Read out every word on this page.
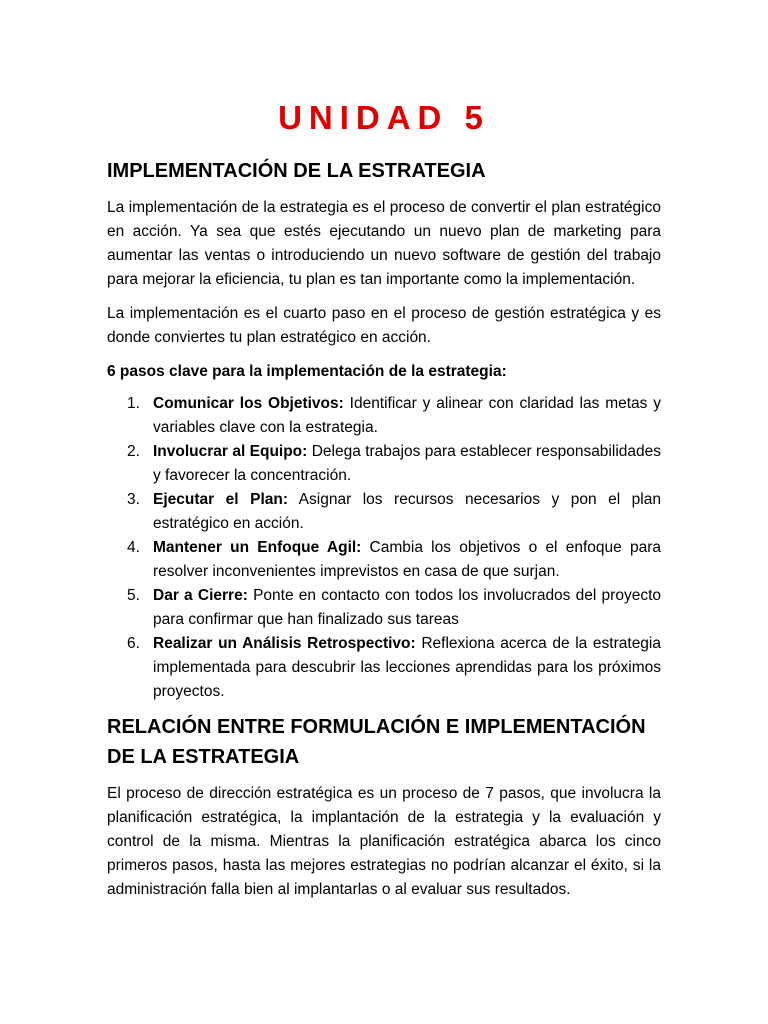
UNIDAD 5
IMPLEMENTACIÓN DE LA ESTRATEGIA

La implementación de la estrategia es el proceso de convertir el plan estratégico en acción. Ya sea que estés ejecutando un nuevo plan de marketing para aumentar las ventas o introduciendo un nuevo software de gestión del trabajo para mejorar la eficiencia, tu plan es tan importante como la implementación.

La implementación es el cuarto paso en el proceso de gestión estratégica y es donde conviertes tu plan estratégico en acción.

6 pasos clave para la implementación de la estrategia:

1. Comunicar los Objetivos: Identificar y alinear con claridad las metas y variables clave con la estrategia.
2. Involucrar al Equipo: Delega trabajos para establecer responsabilidades y favorecer la concentración.
3. Ejecutar el Plan: Asignar los recursos necesarios y pon el plan estratégico en acción.
4. Mantener un Enfoque Agil: Cambia los objetivos o el enfoque para resolver inconvenientes imprevistos en casa de que surjan.
5. Dar a Cierre: Ponte en contacto con todos los involucrados del proyecto para confirmar que han finalizado sus tareas
6. Realizar un Análisis Retrospectivo: Reflexiona acerca de la estrategia implementada para descubrir las lecciones aprendidas para los próximos proyectos.
RELACIÓN ENTRE FORMULACIÓN E IMPLEMENTACIÓN DE LA ESTRATEGIA

El proceso de dirección estratégica es un proceso de 7 pasos, que involucra la planificación estratégica, la implantación de la estrategia y la evaluación y control de la misma. Mientras la planificación estratégica abarca los cinco primeros pasos, hasta las mejores estrategias no podrían alcanzar el éxito, si la administración falla bien al implantarlas o al evaluar sus resultados.
